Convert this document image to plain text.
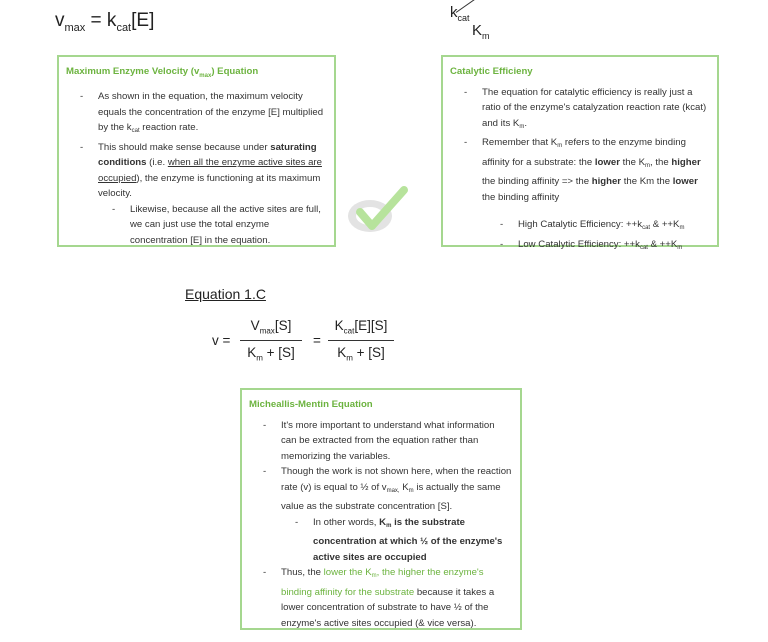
$v_{max} = k_{cat}[E]$	$k_{cat}$
$K_m$
Maximum Enzyme Velocity $(v_{max})$ Equation
- As shown in the equation, the maximum velocity equals the concentration of the enzyme [E] multiplied by the $k_{cat}$ reaction rate.
- This should make sense because under saturating conditions (i.e. when all the enzyme active sites are occupied), the enzyme is functioning at its maximum velocity.
- Likewise, because all the active sites are full, we can just use the total enzyme concentration [E] in the equation.
Catalytic Efficieny
- The equation for catalytic efficiency is really just a ratio of the enzyme's catalyzation reaction rate (kcat) and its $K_m$.
- Remember that $K_m$ refers to the enzyme binding affinity for a substrate: the lower the $K_m$, the higher the binding affinity => the higher the Km the lower the binding affinity
- High Catalytic Efficiency: $++k_{cat}$ & $++K_m$
- Low Catalytic Efficiency: $++k_{cat}$ & $++K_m$
Equation 1.C
v =
$V_{max}[S]$
$K_m + [S]$
=
$K_{cat}[E][S]$
$K_m + [S]$
Micheallis-Mentin Equation
- It's more important to understand what information can be extracted from the equation rather than memorizing the variables.
- Though the work is not shown here, when the reaction rate (v) is equal to ½ of $v_{max,}$ $K_m$ is actually the same value as the substrate concentration [S].
- In other words, $K_m$ is the substrate concentration at which ½ of the enzyme's active sites are occupied
- Thus, the lower the $K_m$, the higher the enzyme's binding affinity for the substrate because it takes a lower concentration of substrate to have ½ of the enzyme's active sites occupied (& vice versa).
